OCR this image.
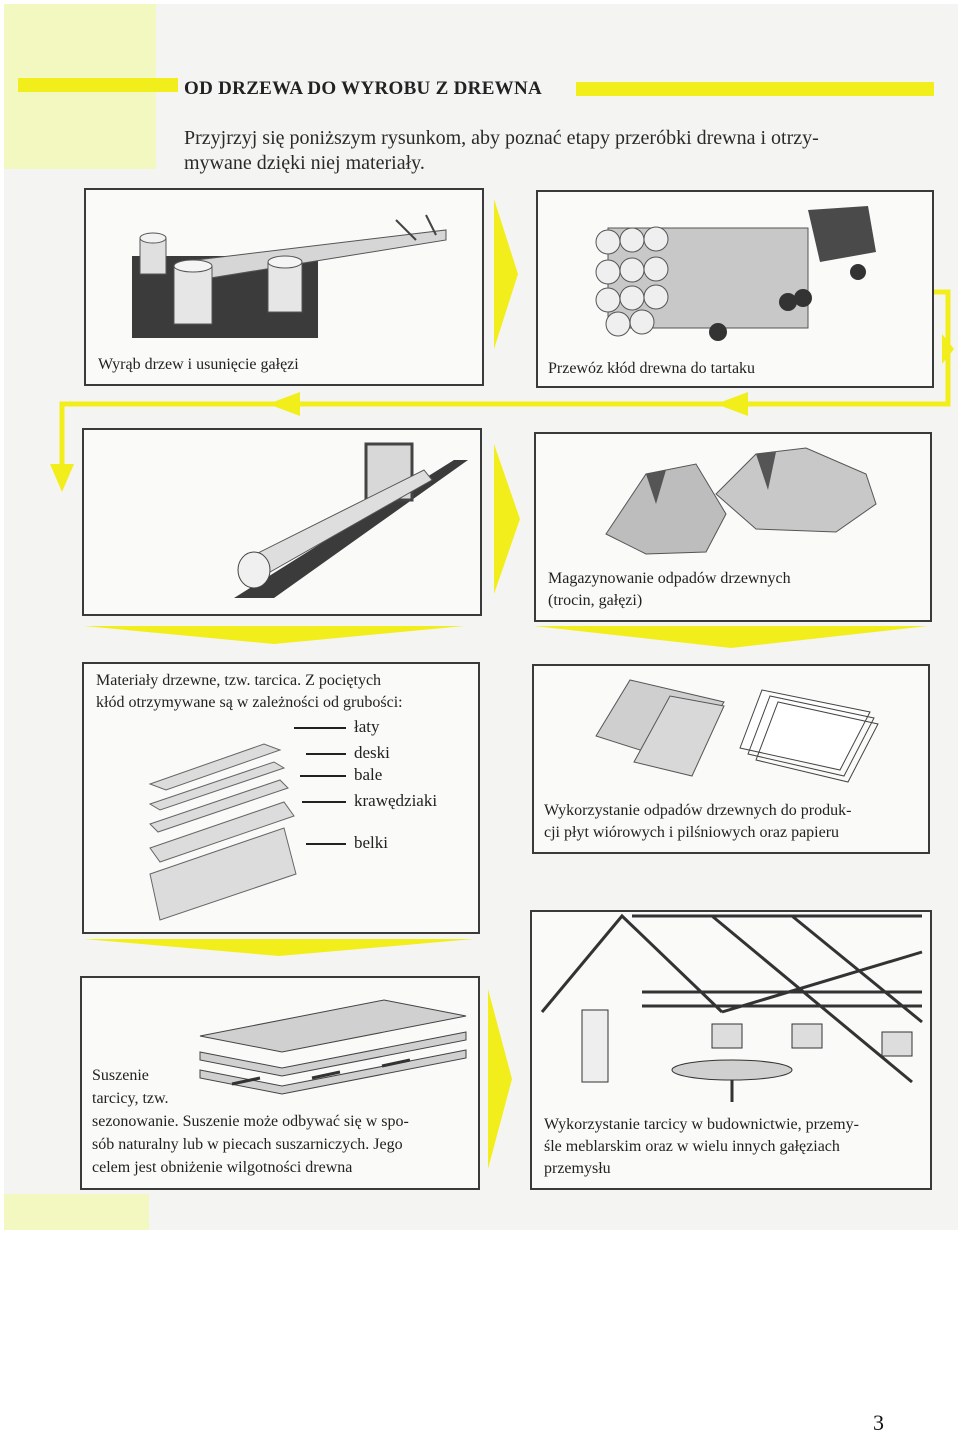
OD DRZEWA DO WYROBU Z DREWNA
Przyjrzyj się poniższym rysunkom, aby poznać etapy przeróbki drewna i otrzy-
mywane dzięki niej materiały.
Wyrąb drzew i usunięcie gałęzi	Przewóz kłód drewna do tartaku
Magazynowanie odpadów drzewnych
(trocin, gałęzi)
Materiały drzewne, tzw. tarcica. Z pociętych
kłód otrzymywane są w zależności od grubości:
łaty
deski
bale
krawędziaki
belki
Wykorzystanie odpadów drzewnych do produk-
cji płyt wiórowych i pilśniowych oraz papieru
Suszenie
tarcicy, tzw.
sezonowanie. Suszenie może odbywać się w spo-
sób naturalny lub w piecach suszarniczych. Jego
celem jest obniżenie wilgotności drewna
Wykorzystanie tarcicy w budownictwie, przemy-
śle meblarskim oraz w wielu innych gałęziach
przemysłu
3
